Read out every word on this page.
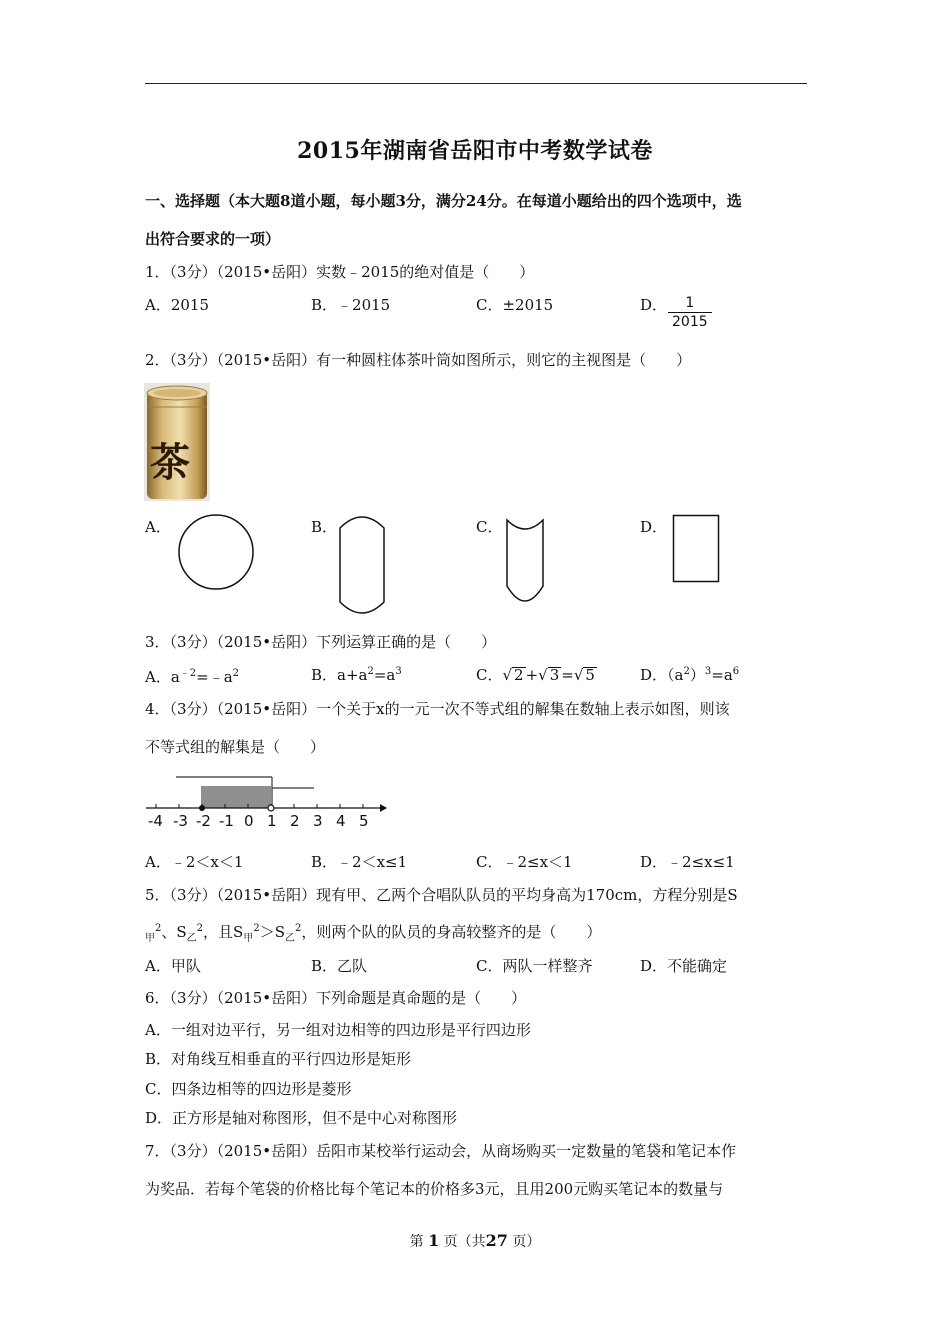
2015年湖南省岳阳市中考数学试卷
一、选择题（本大题8道小题，每小题3分，满分24分。在每道小题给出的四个选项中，选
出符合要求的一项）
1．（3分）（2015•岳阳）实数﹣2015的绝对值是（　　）
A．2015	B．﹣2015	C．±2015	D． $\frac{1}{2015}$
2．（3分）（2015•岳阳）有一种圆柱体茶叶筒如图所示，则它的主视图是（　　）
茶
A．	B．	C．	D．
3．（3分）（2015•岳阳）下列运算正确的是（　　）
A．$a^{﹣2}=﹣a^2$	B．$a+a^2=a^3$	C．√ 2 +√ 3 =√ 5	D．$(a^2)^3=a^6$
4．（3分）（2015•岳阳）一个关于x的一元一次不等式组的解集在数轴上表示如图，则该
不等式组的解集是（　　）
-4 -3 -2 -1 0 1 2 3 4 5
A．﹣2＜x＜1	B．﹣2＜x≤1	C．﹣2≤x＜1	D．﹣2≤x≤1
5．（3分）（2015•岳阳）现有甲、乙两个合唱队队员的平均身高为170cm，方程分别是S
$_甲^2$、$S_乙^2$，且$S_甲^2>S_乙^2$，则两个队的队员的身高较整齐的是（　　）
A．甲队	B．乙队	C．两队一样整齐	D．不能确定
6．（3分）（2015•岳阳）下列命题是真命题的是（　　）
A．一组对边平行，另一组对边相等的四边形是平行四边形
B．对角线互相垂直的平行四边形是矩形
C．四条边相等的四边形是菱形
D．正方形是轴对称图形，但不是中心对称图形
7．（3分）（2015•岳阳）岳阳市某校举行运动会，从商场购买一定数量的笔袋和笔记本作
为奖品．若每个笔袋的价格比每个笔记本的价格多3元，且用200元购买笔记本的数量与
第 1 页（共27 页）
